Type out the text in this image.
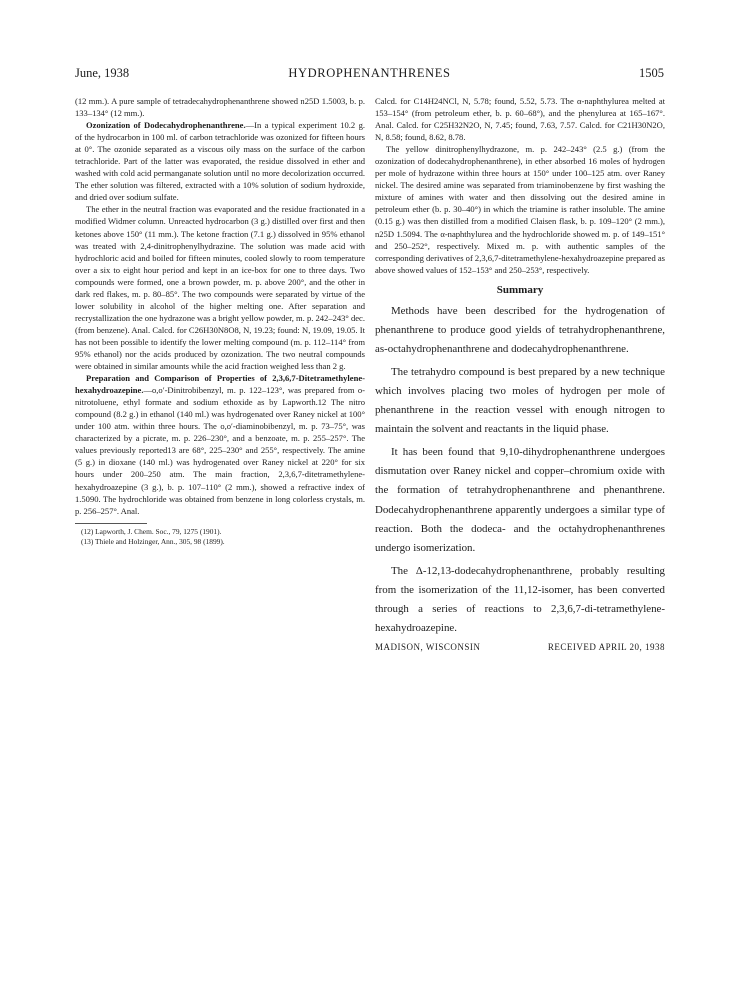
June, 1938	HYDROPHENANTHRENES	1505

(12 mm.). A pure sample of tetradecahydrophenanthrene showed n25D 1.5003, b. p. 133–134° (12 mm.).

Ozonization of Dodecahydrophenanthrene.—In a typical experiment 10.2 g. of the hydrocarbon in 100 ml. of carbon tetrachloride was ozonized for fifteen hours at 0°. The ozonide separated as a viscous oily mass on the surface of the carbon tetrachloride. Part of the latter was evaporated, the residue dissolved in ether and washed with cold acid permanganate solution until no more decolorization occurred. The ether solution was filtered, extracted with a 10% solution of sodium hydroxide, and dried over sodium sulfate.

The ether in the neutral fraction was evaporated and the residue fractionated in a modified Widmer column. Unreacted hydrocarbon (3 g.) distilled over first and then ketones above 150° (11 mm.). The ketone fraction (7.1 g.) dissolved in 95% ethanol was treated with 2,4-dinitrophenylhydrazine. The solution was made acid with hydrochloric acid and boiled for fifteen minutes, cooled slowly to room temperature over a six to eight hour period and kept in an ice-box for one to three days. Two compounds were formed, one a brown powder, m. p. above 200°, and the other in dark red flakes, m. p. 80–85°. The two compounds were separated by virtue of the lower solubility in alcohol of the higher melting one. After separation and recrystallization the one hydrazone was a bright yellow powder, m. p. 242–243° dec. (from benzene). Anal. Calcd. for C26H30N8O8, N, 19.23; found: N, 19.09, 19.05. It has not been possible to identify the lower melting compound (m. p. 112–114° from 95% ethanol) nor the acids produced by ozonization. The two neutral compounds were obtained in similar amounts while the acid fraction weighed less than 2 g.

Preparation and Comparison of Properties of 2,3,6,7-Ditetramethylene-hexahydroazepine.—o,o′-Dinitrobibenzyl, m. p. 122–123°, was prepared from o-nitrotoluene, ethyl formate and sodium ethoxide as by Lapworth.12 The nitro compound (8.2 g.) in ethanol (140 ml.) was hydrogenated over Raney nickel at 100° under 100 atm. within three hours. The o,o′-diaminobibenzyl, m. p. 73–75°, was characterized by a picrate, m. p. 226–230°, and a benzoate, m. p. 255–257°. The values previously reported13 are 68°, 225–230° and 255°, respectively. The amine (5 g.) in dioxane (140 ml.) was hydrogenated over Raney nickel at 220° for six hours under 200–250 atm. The main fraction, 2,3,6,7-ditetramethylene-hexahydroazepine (3 g.), b. p. 107–110° (2 mm.), showed a refractive index of 1.5090. The hydrochloride was obtained from benzene in long colorless crystals, m. p. 256–257°. Anal.

(12) Lapworth, J. Chem. Soc., 79, 1275 (1901).
(13) Thiele and Holzinger, Ann., 305, 98 (1899).

Calcd. for C14H24NCl, N, 5.78; found, 5.52, 5.73. The α-naphthylurea melted at 153–154° (from petroleum ether, b. p. 60–68°), and the phenylurea at 165–167°. Anal. Calcd. for C25H32N2O, N, 7.45; found, 7.63, 7.57. Calcd. for C21H30N2O, N, 8.58; found, 8.62, 8.78.

The yellow dinitrophenylhydrazone, m. p. 242–243° (2.5 g.) (from the ozonization of dodecahydrophenanthrene), in ether absorbed 16 moles of hydrogen per mole of hydrazone within three hours at 150° under 100–125 atm. over Raney nickel. The desired amine was separated from triaminobenzene by first washing the mixture of amines with water and then dissolving out the desired amine in petroleum ether (b. p. 30–40°) in which the triamine is rather insoluble. The amine (0.15 g.) was then distilled from a modified Claisen flask, b. p. 109–120° (2 mm.), n25D 1.5094. The α-naphthylurea and the hydrochloride showed m. p. of 149–151° and 250–252°, respectively. Mixed m. p. with authentic samples of the corresponding derivatives of 2,3,6,7-ditetramethylene-hexahydroazepine prepared as above showed values of 152–153° and 250–253°, respectively.

Summary

Methods have been described for the hydrogenation of phenanthrene to produce good yields of tetrahydrophenanthrene, as-octahydrophenanthrene and dodecahydrophenanthrene.

The tetrahydro compound is best prepared by a new technique which involves placing two moles of hydrogen per mole of phenanthrene in the reaction vessel with enough nitrogen to maintain the solvent and reactants in the liquid phase.

It has been found that 9,10-dihydrophenanthrene undergoes dismutation over Raney nickel and copper–chromium oxide with the formation of tetrahydrophenanthrene and phenanthrene. Dodecahydrophenanthrene apparently undergoes a similar type of reaction. Both the dodeca- and the octahydrophenanthrenes undergo isomerization.

The Δ-12,13-dodecahydrophenanthrene, probably resulting from the isomerization of the 11,12-isomer, has been converted through a series of reactions to 2,3,6,7-di-tetramethylene-hexahydroazepine.

MADISON, WISCONSIN	RECEIVED APRIL 20, 1938
